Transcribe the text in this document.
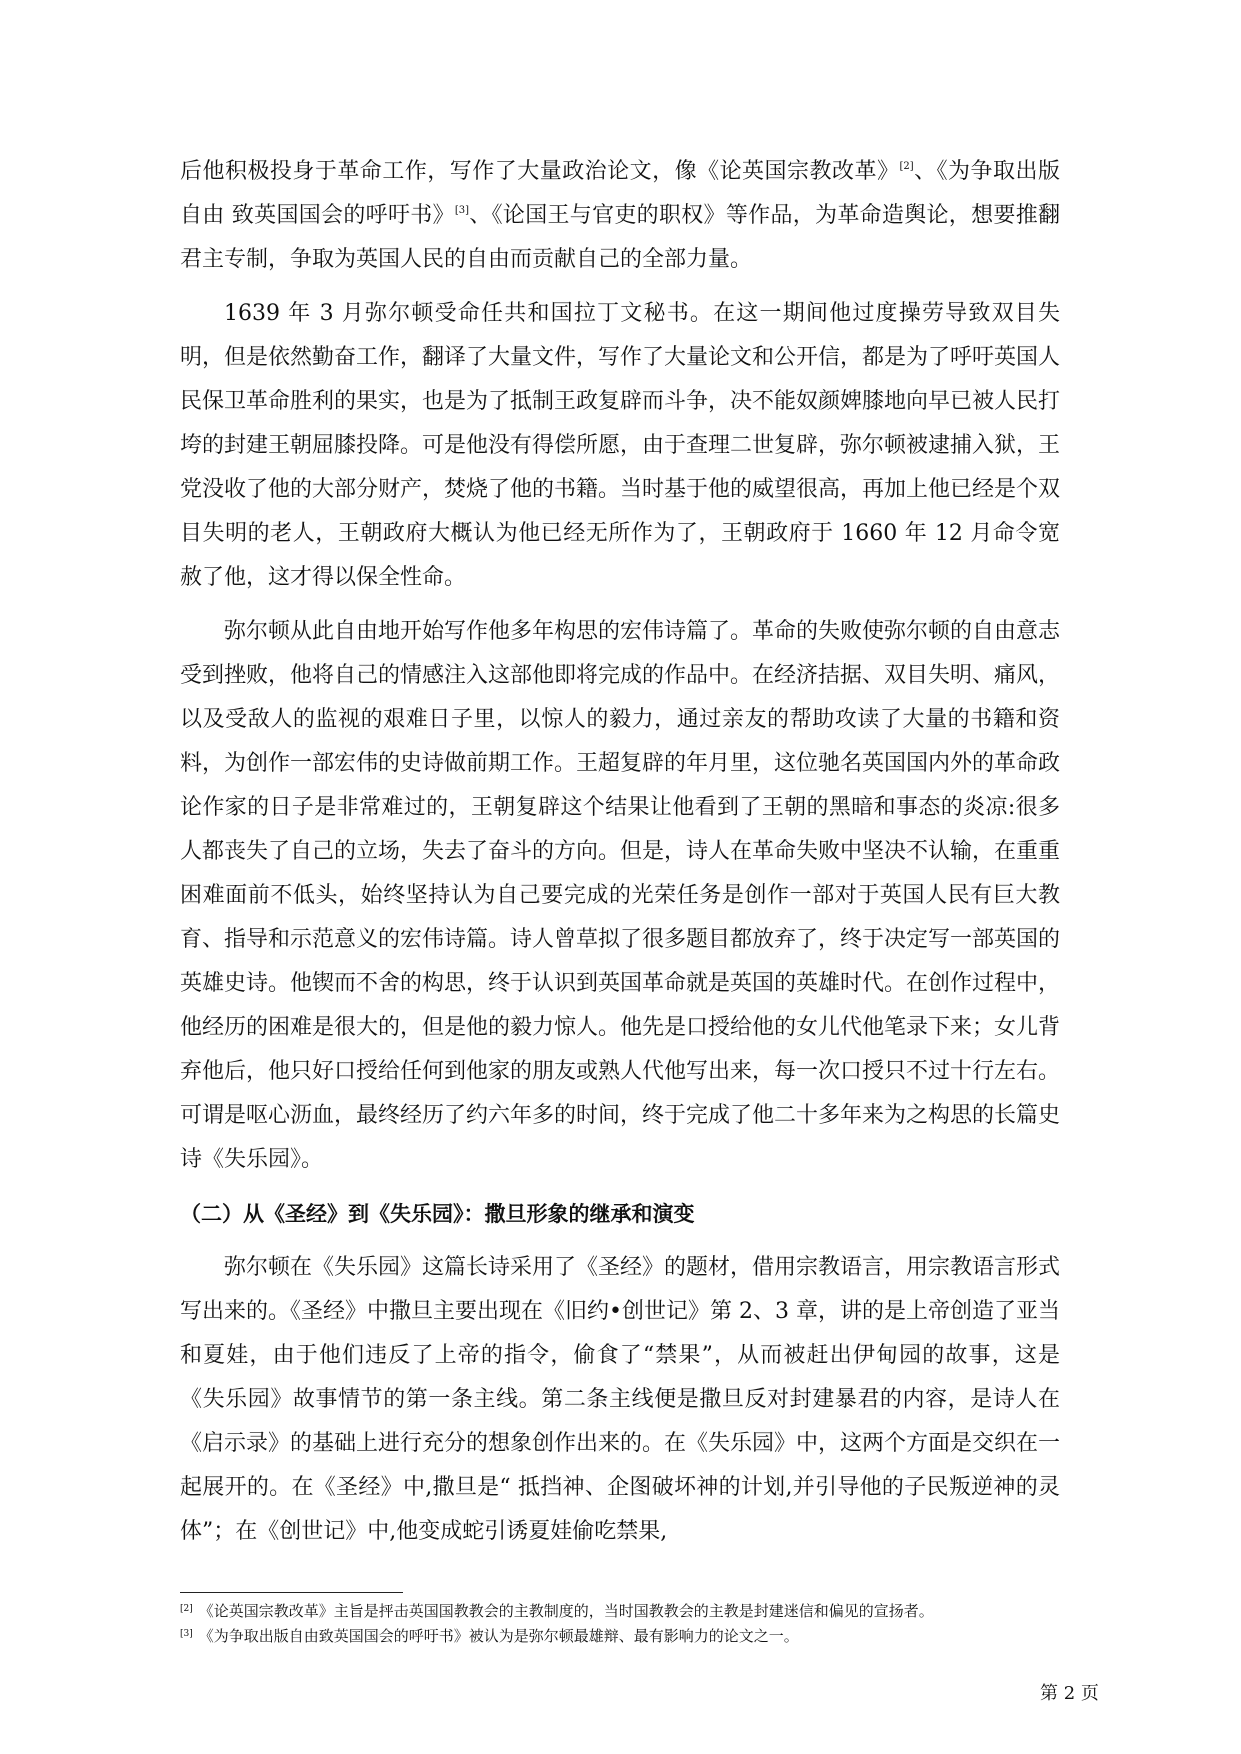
后他积极投身于革命工作，写作了大量政治论文，像《论英国宗教改革》[2]、《为争取出版自由 致英国国会的呼吁书》[3]、《论国王与官吏的职权》等作品，为革命造舆论，想要推翻君主专制，争取为英国人民的自由而贡献自己的全部力量。

1639 年 3 月弥尔顿受命任共和国拉丁文秘书。在这一期间他过度操劳导致双目失明，但是依然勤奋工作，翻译了大量文件，写作了大量论文和公开信，都是为了呼吁英国人民保卫革命胜利的果实，也是为了抵制王政复辟而斗争，决不能奴颜婢膝地向早已被人民打垮的封建王朝屈膝投降。可是他没有得偿所愿，由于查理二世复辟，弥尔顿被逮捕入狱，王党没收了他的大部分财产，焚烧了他的书籍。当时基于他的威望很高，再加上他已经是个双目失明的老人，王朝政府大概认为他已经无所作为了，王朝政府于 1660 年 12 月命令宽赦了他，这才得以保全性命。

弥尔顿从此自由地开始写作他多年构思的宏伟诗篇了。革命的失败使弥尔顿的自由意志受到挫败，他将自己的情感注入这部他即将完成的作品中。在经济拮据、双目失明、痛风，以及受敌人的监视的艰难日子里，以惊人的毅力，通过亲友的帮助攻读了大量的书籍和资料，为创作一部宏伟的史诗做前期工作。王超复辟的年月里，这位驰名英国国内外的革命政论作家的日子是非常难过的，王朝复辟这个结果让他看到了王朝的黑暗和事态的炎凉:很多人都丧失了自己的立场，失去了奋斗的方向。但是，诗人在革命失败中坚决不认输，在重重困难面前不低头，始终坚持认为自己要完成的光荣任务是创作一部对于英国人民有巨大教育、指导和示范意义的宏伟诗篇。诗人曾草拟了很多题目都放弃了，终于决定写一部英国的英雄史诗。他锲而不舍的构思，终于认识到英国革命就是英国的英雄时代。在创作过程中，他经历的困难是很大的，但是他的毅力惊人。他先是口授给他的女儿代他笔录下来；女儿背弃他后，他只好口授给任何到他家的朋友或熟人代他写出来，每一次口授只不过十行左右。可谓是呕心沥血，最终经历了约六年多的时间，终于完成了他二十多年来为之构思的长篇史诗《失乐园》。

（二）从《圣经》到《失乐园》：撒旦形象的继承和演变

弥尔顿在《失乐园》这篇长诗采用了《圣经》的题材，借用宗教语言，用宗教语言形式写出来的。《圣经》中撒旦主要出现在《旧约•创世记》第 2、3 章，讲的是上帝创造了亚当和夏娃，由于他们违反了上帝的指令，偷食了“禁果”，从而被赶出伊甸园的故事，这是《失乐园》故事情节的第一条主线。第二条主线便是撒旦反对封建暴君的内容，是诗人在《启示录》的基础上进行充分的想象创作出来的。在《失乐园》中，这两个方面是交织在一起展开的。在《圣经》中,撒旦是“ 抵挡神、企图破坏神的计划,并引导他的子民叛逆神的灵体”；在《创世记》中,他变成蛇引诱夏娃偷吃禁果,

[2] 《论英国宗教改革》主旨是抨击英国国教教会的主教制度的，当时国教教会的主教是封建迷信和偏见的宣扬者。
[3] 《为争取出版自由致英国国会的呼吁书》被认为是弥尔顿最雄辩、最有影响力的论文之一。
第 2 页
